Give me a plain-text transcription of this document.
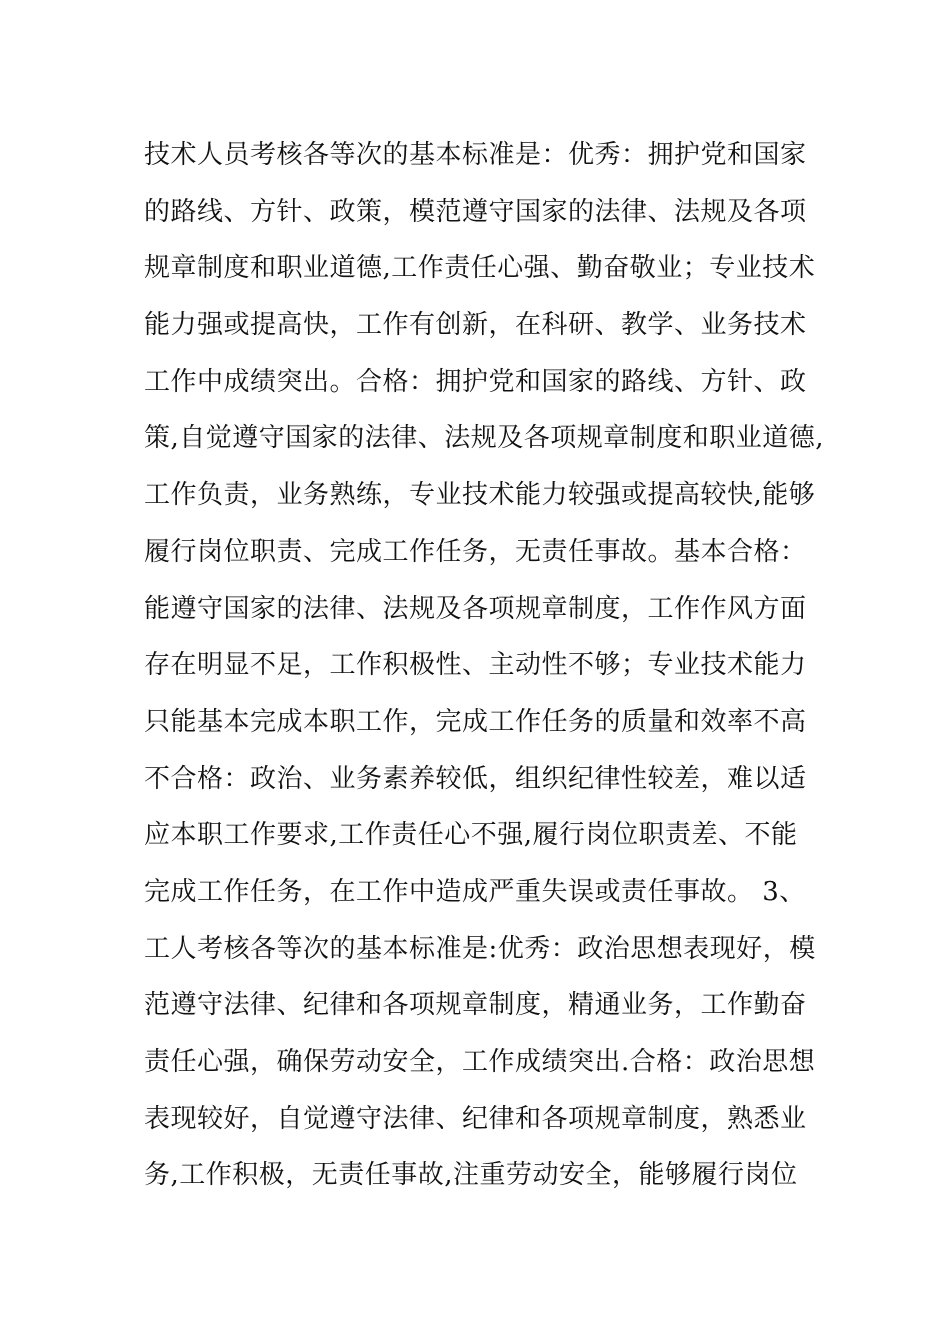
技术人员考核各等次的基本标准是：优秀：拥护党和国家
的路线、方针、政策，模范遵守国家的法律、法规及各项
规章制度和职业道德,工作责任心强、勤奋敬业；专业技术
能力强或提高快，工作有创新，在科研、教学、业务技术
工作中成绩突出。合格：拥护党和国家的路线、方针、政
策,自觉遵守国家的法律、法规及各项规章制度和职业道德,
工作负责，业务熟练，专业技术能力较强或提高较快,能够
履行岗位职责、完成工作任务，无责任事故。基本合格：
能遵守国家的法律、法规及各项规章制度，工作作风方面
存在明显不足，工作积极性、主动性不够；专业技术能力
只能基本完成本职工作，完成工作任务的质量和效率不高
不合格：政治、业务素养较低，组织纪律性较差，难以适
应本职工作要求,工作责任心不强,履行岗位职责差、不能
完成工作任务，在工作中造成严重失误或责任事故。 3、
工人考核各等次的基本标准是:优秀：政治思想表现好，模
范遵守法律、纪律和各项规章制度，精通业务，工作勤奋
责任心强，确保劳动安全，工作成绩突出.合格：政治思想
表现较好，自觉遵守法律、纪律和各项规章制度，熟悉业
务,工作积极，无责任事故,注重劳动安全，能够履行岗位
